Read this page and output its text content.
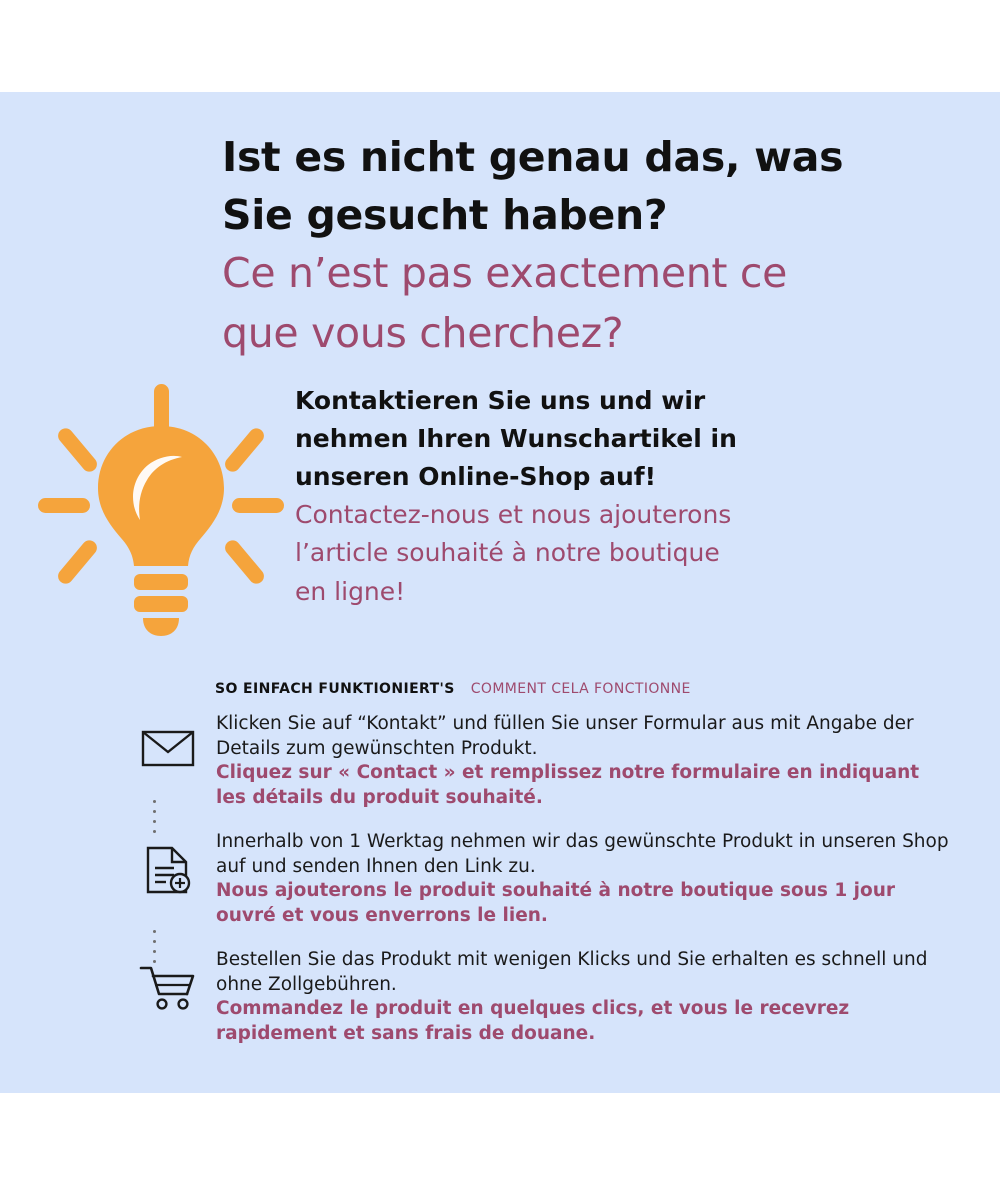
Ist es nicht genau das, was
Sie gesucht haben?
Ce n’est pas exactement ce
que vous cherchez?
Kontaktieren Sie uns und wir
nehmen Ihren Wunschartikel in
unseren Online-Shop auf!
Contactez-nous et nous ajouterons
l’article souhaité à notre boutique
en ligne!
SO EINFACH FUNKTIONIERT'S COMMENT CELA FONCTIONNE

Klicken Sie auf “Kontakt” und füllen Sie unser Formular aus mit Angabe der Details zum gewünschten Produkt.

Cliquez sur « Contact » et remplissez notre formulaire en indiquant les détails du produit souhaité.

Innerhalb von 1 Werktag nehmen wir das gewünschte Produkt in unseren Shop auf und senden Ihnen den Link zu.

Nous ajouterons le produit souhaité à notre boutique sous 1 jour ouvré et vous enverrons le lien.

Bestellen Sie das Produkt mit wenigen Klicks und Sie erhalten es schnell und ohne Zollgebühren.

Commandez le produit en quelques clics, et vous le recevrez rapidement et sans frais de douane.
